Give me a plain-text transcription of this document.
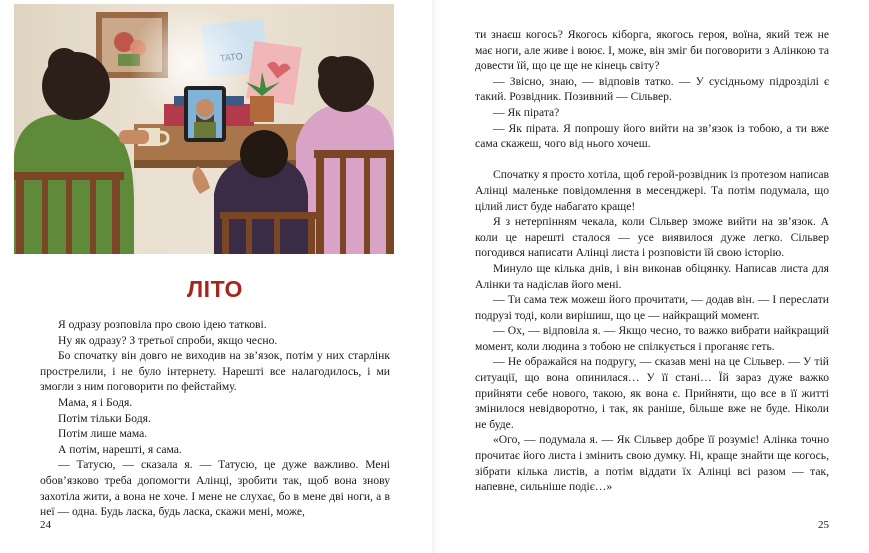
ЛІТО

Я одразу розповіла про свою ідею таткові.

Ну як одразу? З третьої спроби, якщо чесно.

Бо спочатку він довго не виходив на зв’язок, потім у них старлінк прострелили, і не було інтернету. Нарешті все налагодилось, і ми змогли з ним поговорити по фейстайму.

Мама, я і Бодя.

Потім тільки Бодя.

Потім лише мама.

А потім, нарешті, я сама.

— Татусю, — сказала я. — Татусю, це дуже важливо. Мені обов’язково треба допомогти Алінці, зробити так, щоб вона знову захотіла жити, а вона не хоче. І мене не слухає, бо в мене дві ноги, а в неї — одна. Будь ласка, будь ласка, скажи мені, може,

24

ти знаєш когось? Якогось кіборга, якогось героя, воїна, який теж не має ноги, але живе і воює. І, може, він зміг би поговорити з Алінкою та довести їй, що це ще не кінець світу?

— Звісно, знаю, — відповів татко. — У сусідньому підрозділі є такий. Розвідник. Позивний — Сільвер.

— Як пірата?

— Як пірата. Я попрошу його вийти на зв’язок із тобою, а ти вже сама скажеш, чого від нього хочеш.

Спочатку я просто хотіла, щоб герой-розвідник із протезом написав Алінці маленьке повідомлення в месенджері. Та потім подумала, що цілий лист буде набагато краще!

Я з нетерпінням чекала, коли Сільвер зможе вийти на зв’язок. А коли це нарешті сталося — усе виявилося дуже легко. Сільвер погодився написати Алінці листа і розповісти їй свою історію.

Минуло ще кілька днів, і він виконав обіцянку. Написав листа для Алінки та надіслав його мені.

— Ти сама теж можеш його прочитати, — додав він. — І переслати подрузі тоді, коли вирішиш, що це — найкращий момент.

— Ох, — відповіла я. — Якщо чесно, то важко вибрати найкращий момент, коли людина з тобою не спілкується і проганяє геть.

— Не ображайся на подругу, — сказав мені на це Сільвер. — У тій ситуації, що вона опинилася… У її стані… Їй зараз дуже важко прийняти себе нового, такою, як вона є. Прийняти, що все в її житті змінилося невідворотно, і так, як раніше, більше вже не буде. Ніколи не буде.

«Ого, — подумала я. — Як Сільвер добре її розуміє! Алінка точно прочитає його листа і змінить свою думку. Ні, краще знайти ще когось, зібрати кілька листів, а потім віддати їх Алінці всі разом — так, напевне, сильніше подіє…»

25
